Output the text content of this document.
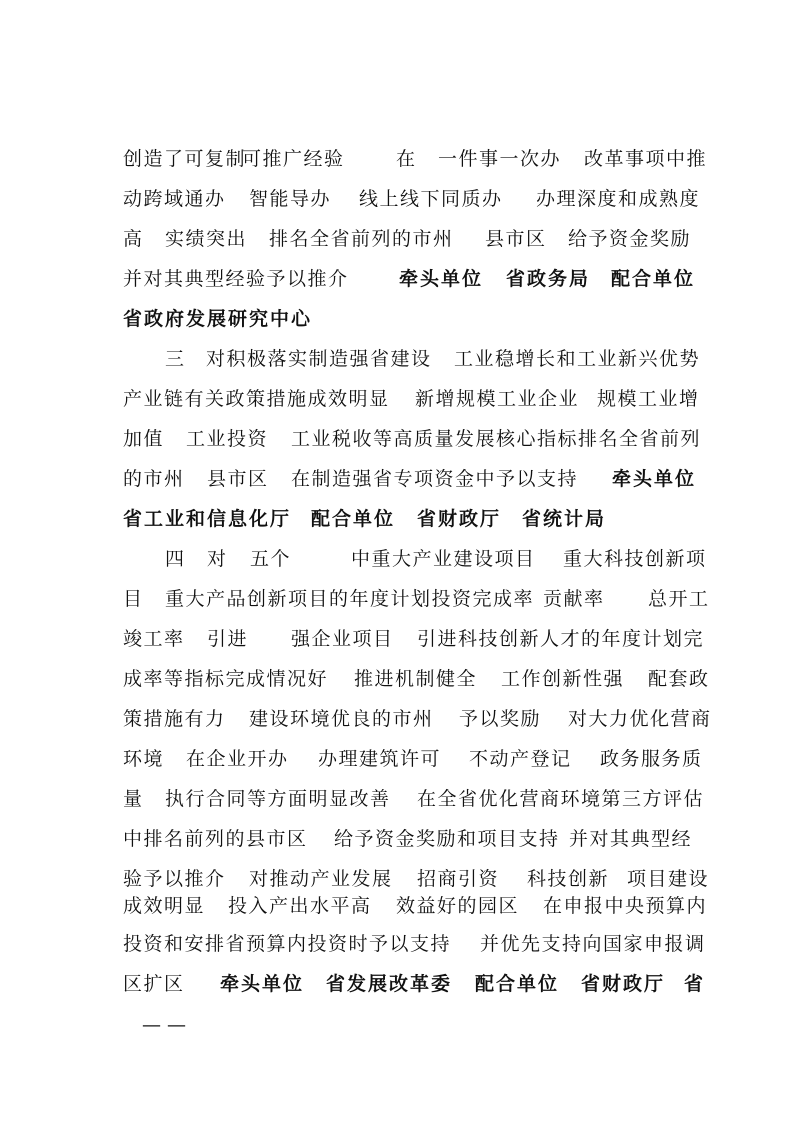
创造了可复制
可推广经验	在 一件事一次办 改革事项中推
动跨域通办 智能导办 线上线下同质办 办理深度和成熟度
高 实绩突出 排名全省前列的市州 县市区 给予资金奖励
并对其典型经验予以推介	牵头单位 省政务局 配合单位
省政府发展研究中心
三 对积极落实制造强省建设 工业稳增长和工业新兴优势
产业链有关政策措施成效明显 新增规模工业企业 规模工业增
加值 工业投资 工业税收等高质量发展核心指标排名全省前列
的市州 县市区 在制造强省专项资金中予以支持 牵头单位
省工业和信息化厅 配合单位 省财政厅 省统计局
四 对 五个	中重大产业建设项目 重大科技创新项
目 重大产品创新项目的年度计划投资完成率 贡献率 总开工
竣工率 引进 强企业项目 引进科技创新人才的年度计划完
成率等指标完成情况好 推进机制健全 工作创新性强 配套政
策措施有力 建设环境优良的市州 予以奖励 对大力优化营商
环境 在企业开办 办理建筑许可 不动产登记 政务服务质
量 执行合同等方面明显改善 在全省优化营商环境第三方评估
中排名前列的县市区 给予资金奖励和项目支持 并对其典型经
验予以推介 对推动产业发展 招商引资 科技创新 项目建设
成效明显 投入产出水平高 效益好的园区 在申报中央预算内
投资和安排省预算内投资时予以支持 并优先支持向国家申报调
区扩区 牵头单位 省发展改革委 配合单位 省财政厅 省
— —
